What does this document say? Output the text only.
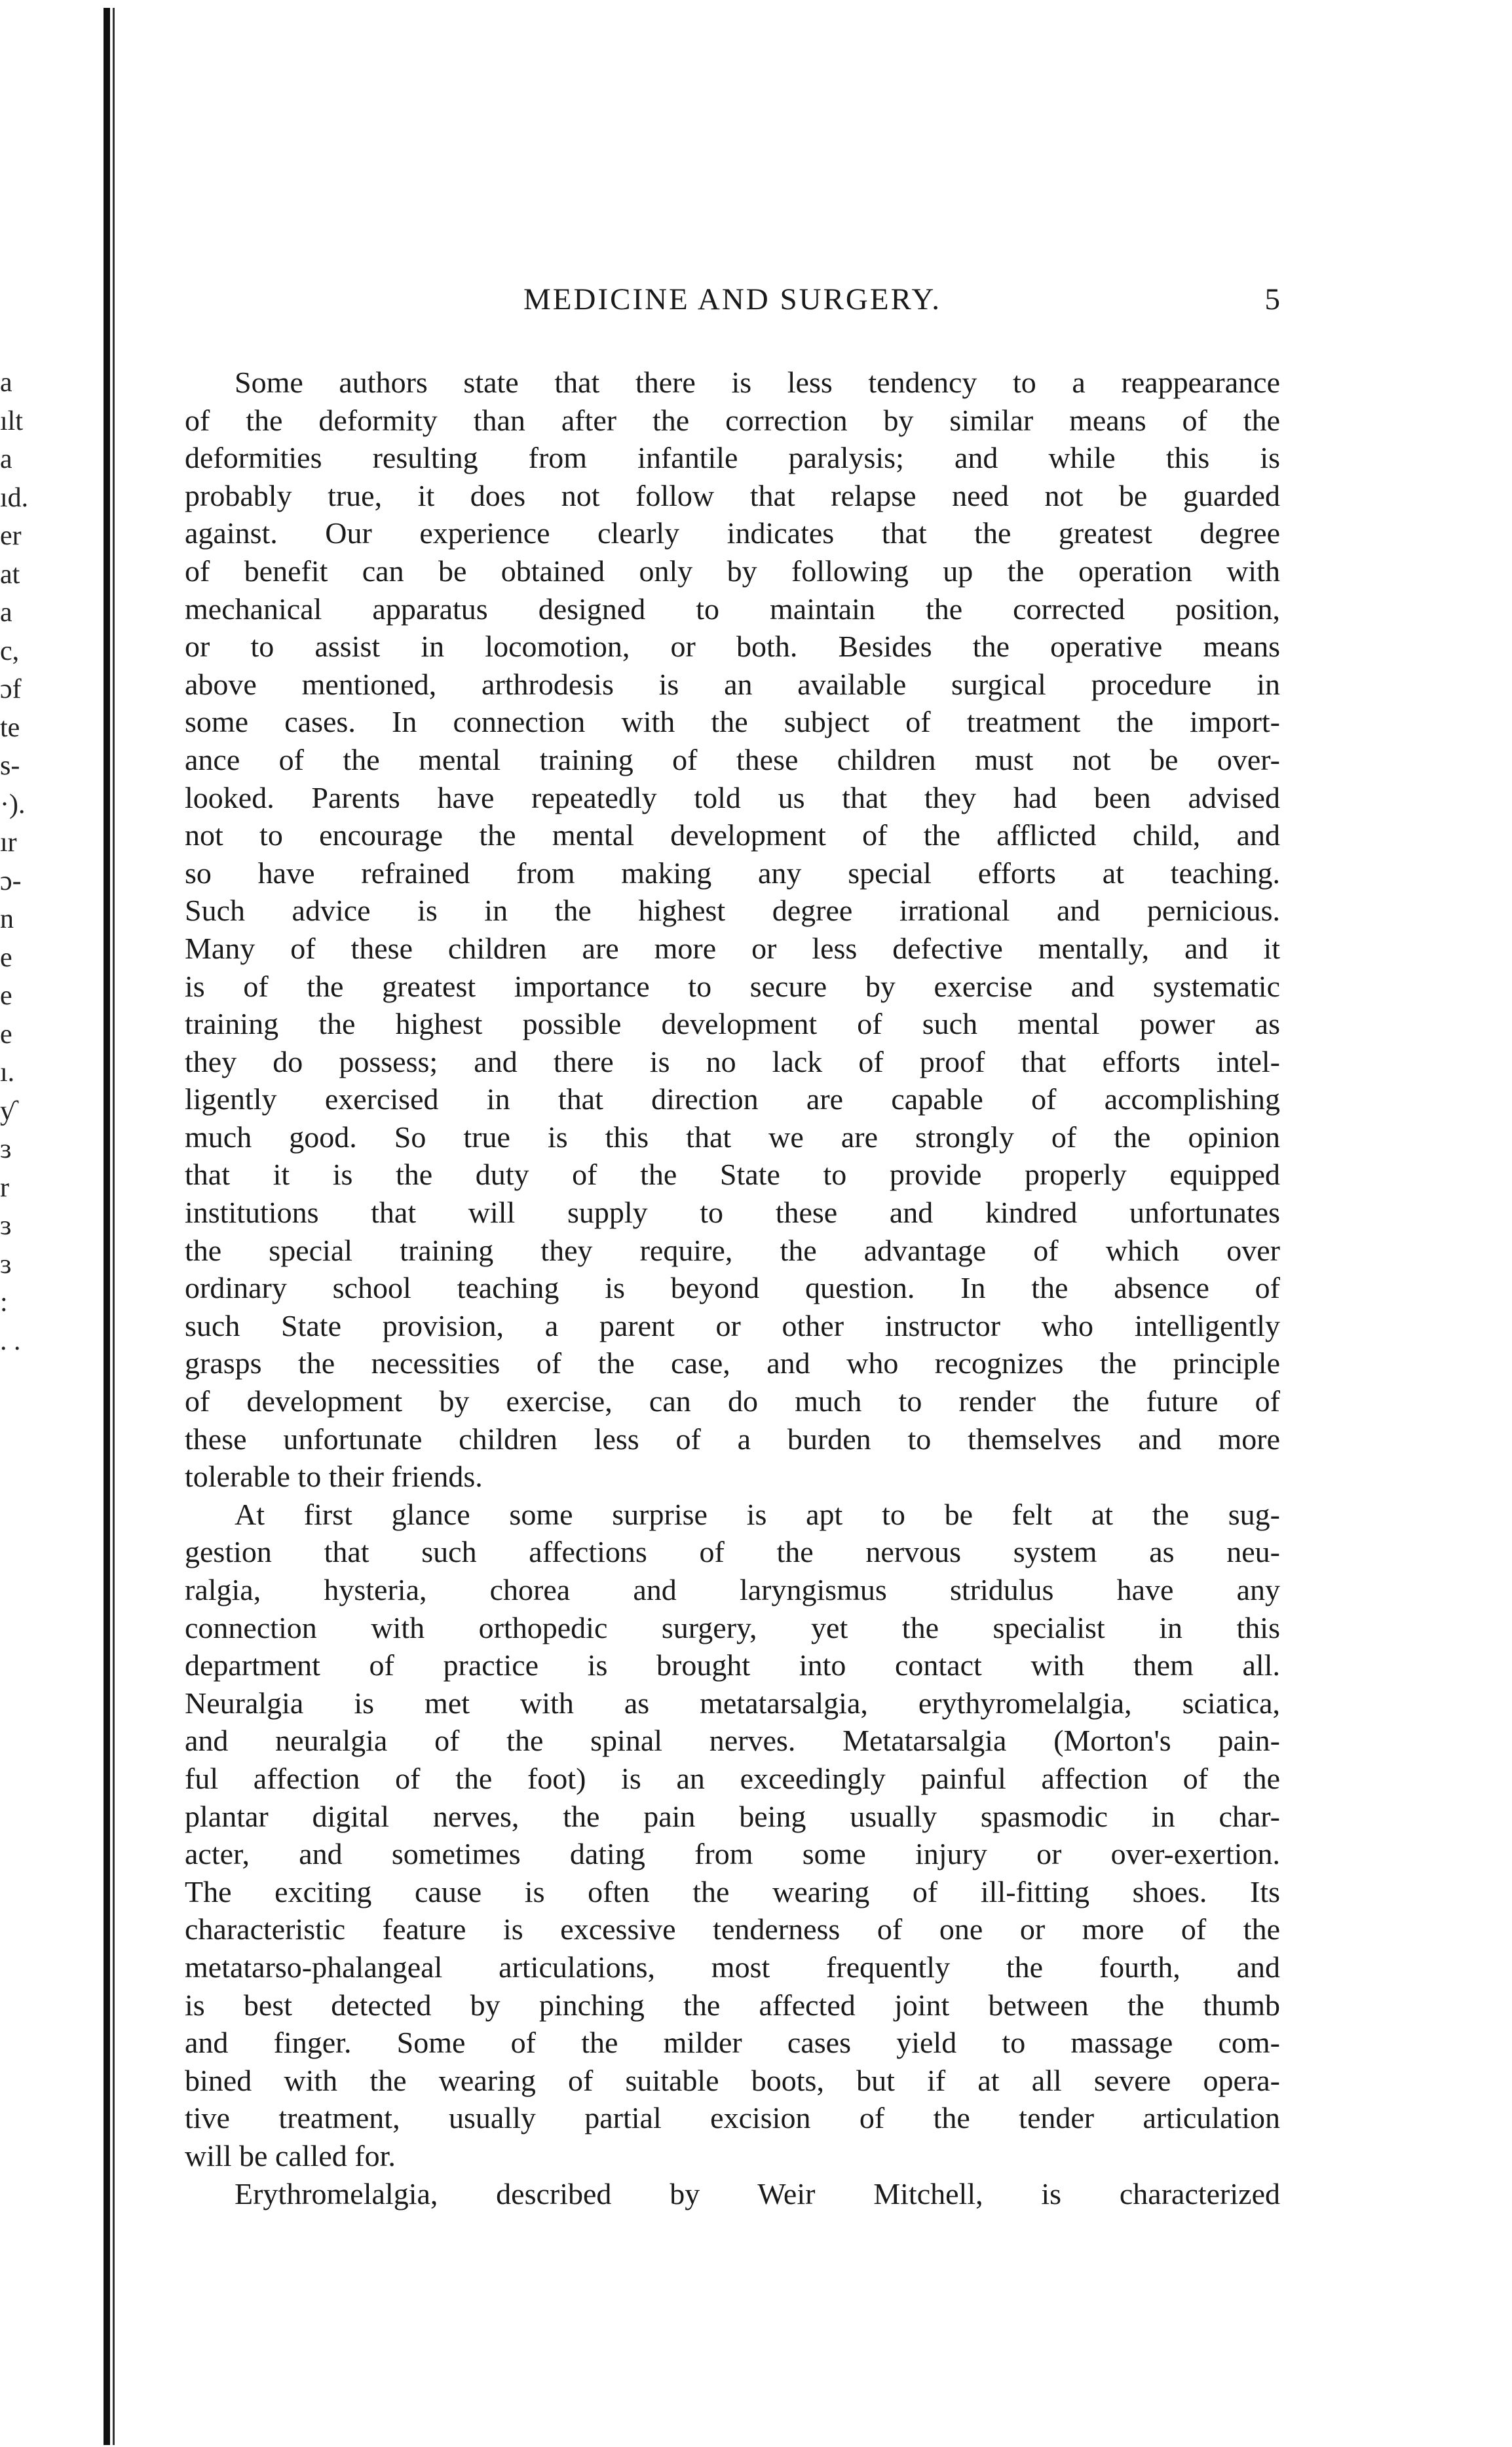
a
ılt
a
ıd.
er
at
a
c,
ɔf
te
s-
·).
ır
ɔ-
n
e
e
e
ı.
ƴ
ɜ
r
ɜ
ɜ
:
. .
MEDICINE AND SURGERY.	5
Some authors state that there is less tendency to a reappearance
of the deformity than after the correction by similar means of the
deformities resulting from infantile paralysis; and while this is
probably true, it does not follow that relapse need not be guarded
against. Our experience clearly indicates that the greatest degree
of benefit can be obtained only by following up the operation with
mechanical apparatus designed to maintain the corrected position,
or to assist in locomotion, or both. Besides the operative means
above mentioned, arthrodesis is an available surgical procedure in
some cases. In connection with the subject of treatment the import-
ance of the mental training of these children must not be over-
looked. Parents have repeatedly told us that they had been advised
not to encourage the mental development of the afflicted child, and
so have refrained from making any special efforts at teaching.
Such advice is in the highest degree irrational and pernicious.
Many of these children are more or less defective mentally, and it
is of the greatest importance to secure by exercise and systematic
training the highest possible development of such mental power as
they do possess; and there is no lack of proof that efforts intel-
ligently exercised in that direction are capable of accomplishing
much good. So true is this that we are strongly of the opinion
that it is the duty of the State to provide properly equipped
institutions that will supply to these and kindred unfortunates
the special training they require, the advantage of which over
ordinary school teaching is beyond question. In the absence of
such State provision, a parent or other instructor who intelligently
grasps the necessities of the case, and who recognizes the principle
of development by exercise, can do much to render the future of
these unfortunate children less of a burden to themselves and more
tolerable to their friends.
At first glance some surprise is apt to be felt at the sug-
gestion that such affections of the nervous system as neu-
ralgia, hysteria, chorea and laryngismus stridulus have any
connection with orthopedic surgery, yet the specialist in this
department of practice is brought into contact with them all.
Neuralgia is met with as metatarsalgia, erythyromelalgia, sciatica,
and neuralgia of the spinal nerves. Metatarsalgia (Morton's pain-
ful affection of the foot) is an exceedingly painful affection of the
plantar digital nerves, the pain being usually spasmodic in char-
acter, and sometimes dating from some injury or over-exertion.
The exciting cause is often the wearing of ill-fitting shoes. Its
characteristic feature is excessive tenderness of one or more of the
metatarso-phalangeal articulations, most frequently the fourth, and
is best detected by pinching the affected joint between the thumb
and finger. Some of the milder cases yield to massage com-
bined with the wearing of suitable boots, but if at all severe opera-
tive treatment, usually partial excision of the tender articulation
will be called for.
Erythromelalgia, described by Weir Mitchell, is characterized
